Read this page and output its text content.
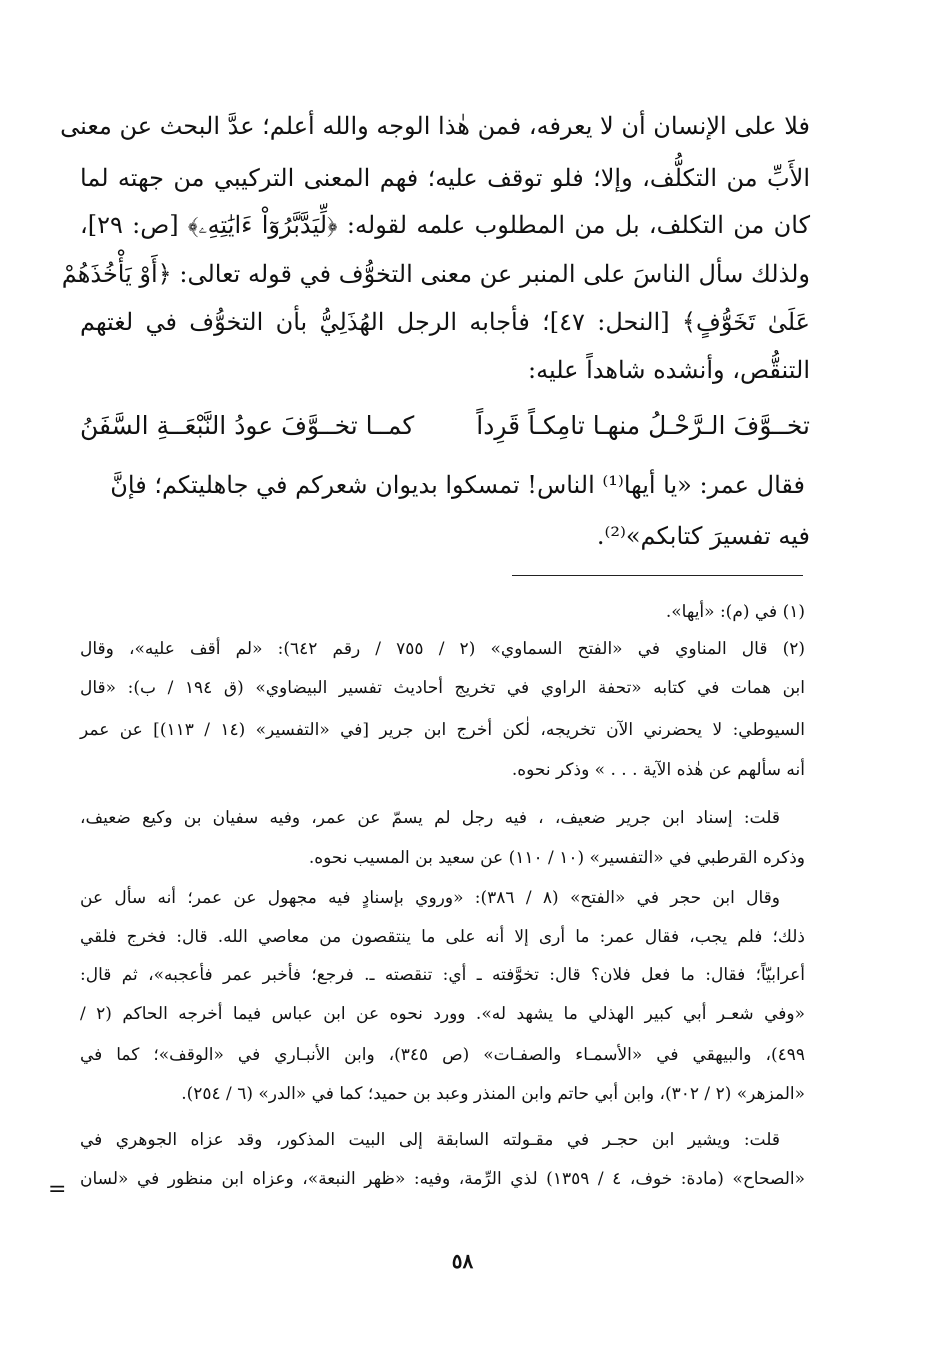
فلا على الإنسان أن لا يعرفه، فمن هٰذا الوجه والله أعلم؛ عدَّ البحث عن معنى
الأَبِّ من التكلُّف، وإلا؛ فلو توقف عليه؛ فهم المعنى التركيبي من جهته لما
كان من التكلف، بل من المطلوب علمه لقوله: ﴿لِّيَدَّبَّرُوٓاْ ءَايَٰتِهِۦ﴾ [ص: ٢٩]،
ولذلك سأل الناسَ على المنبر عن معنى التخوُّف في قوله تعالى: ﴿أَوْ يَأْخُذَهُمْ
عَلَىٰ تَخَوُّفٍ﴾ [النحل: ٤٧]؛ فأجابه الرجل الهُذَلِيُّ بأن التخوُّف في لغتهم
التنقُّص، وأنشده شاهداً عليه:
تخــوَّفَ الـرَّحْـلُ منهـا تامِكـاً قَرِداً
كمــا تخــوَّفَ عودُ النَّبْعَــةِ السَّفَنُ
فقال عمر: «يا أيها⁽¹⁾ الناس! تمسكوا بديوان شعركم في جاهليتكم؛ فإنَّ
فيه تفسيرَ كتابكم»⁽²⁾.
(١) في (م): «أيها».
(٢) قال المناوي في «الفتح السماوي» (٢ / ٧٥٥ / رقم ٦٤٢): «لم أقف عليه»، وقال
ابن همات في كتابه «تحفة الراوي في تخريج أحاديث تفسير البيضاوي» (ق ١٩٤ / ب): «قال
السيوطي: لا يحضرني الآن تخريجه، لٰكن أخرج ابن جرير [في «التفسير» (١٤ / ١١٣)] عن عمر
أنه سألهم عن هٰذه الآية . . . » وذكر نحوه.
قلت: إسناد ابن جرير ضعيف، ، فيه رجل لم يسمّ عن عمر، وفيه سفيان بن وكيع ضعيف،
وذكره القرطبي في «التفسير» (١٠ / ١١٠) عن سعيد بن المسيب نحوه.
وقال ابن حجر في «الفتح» (٨ / ٣٨٦): «وروي بإسنادٍ فيه مجهول عن عمر؛ أنه سأل عن
ذلك؛ فلم يجب، فقال عمر: ما أرى إلا أنه على ما ينتقصون من معاصي الله. قال: فخرج فلقي
أعرابيّاً؛ فقال: ما فعل فلان؟ قال: تخوَّفته ـ أي: تنقصته ـ. فرجع؛ فأخبر عمر فأعجبه»، ثم قال:
«وفي شعـر أبي كبير الهذلي ما يشهد له». وورد نحوه عن ابن عباس فيما أخرجه الحاكم (٢ /
٤٩٩)، والبيهقي في «الأسمـاء والصفـات» (ص ٣٤٥)، وابن الأنبـاري في «الوقف»؛ كما في
«المزهر» (٢ / ٣٠٢)، وابن أبي حاتم وابن المنذر وعبد بن حميد؛ كما في «الدر» (٦ / ٢٥٤).
قلت: ويشير ابن حجـر في مقـولته السابقة إلى البيت المذكور، وقد عزاه الجوهري في
«الصحاح» (مادة: خوف، ٤ / ١٣٥٩) لذي الرِّمة، وفيه: «ظهر النبعة»، وعزاه ابن منظور في «لسان
=
٥٨
